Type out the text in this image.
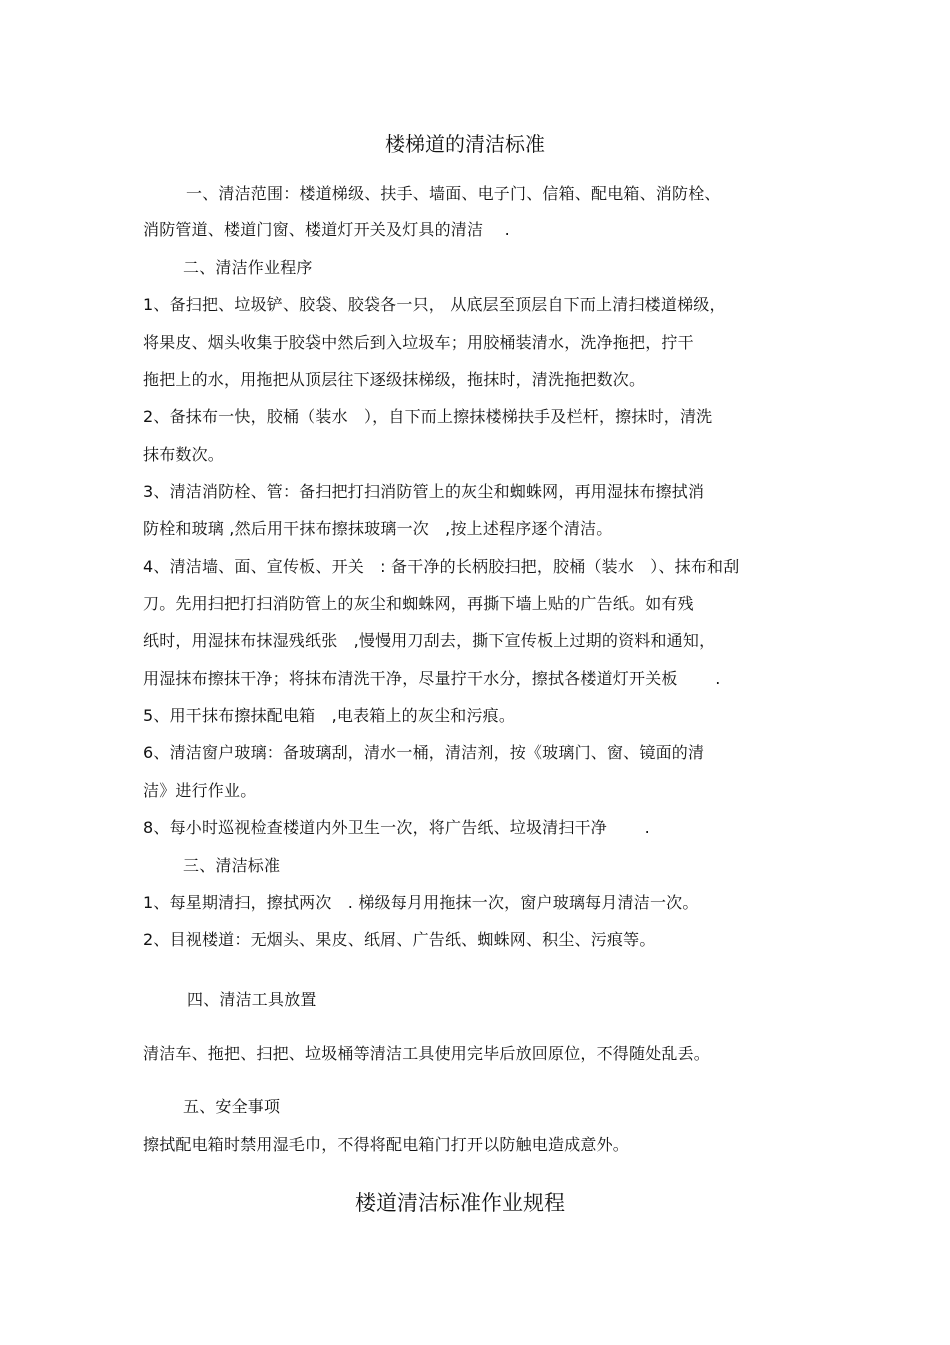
楼梯道的清洁标准
一、清洁范围：楼道梯级、扶手、墙面、电子门、信箱、配电箱、消防栓、
消防管道、楼道门窗、楼道灯开关及灯具的清洁　 .
二、清洁作业程序
1、备扫把、垃圾铲、胶袋、胶袋各一只， 从底层至顶层自下而上清扫楼道梯级，
将果皮、烟头收集于胶袋中然后到入垃圾车；用胶桶装清水，洗净拖把，拧干
拖把上的水，用拖把从顶层往下逐级抹梯级，拖抹时，清洗拖把数次。
2、备抹布一快，胶桶（装水　），自下而上擦抹楼梯扶手及栏杆，擦抹时，清洗
抹布数次。
3、清洁消防栓、管：备扫把打扫消防管上的灰尘和蜘蛛网，再用湿抹布擦拭消
防栓和玻璃 ,然后用干抹布擦抹玻璃一次　,按上述程序逐个清洁。
4、清洁墙、面、宣传板、开关　: 备干净的长柄胶扫把，胶桶（装水　）、抹布和刮
刀。先用扫把打扫消防管上的灰尘和蜘蛛网，再撕下墙上贴的广告纸。如有残
纸时，用湿抹布抹湿残纸张　,慢慢用刀刮去，撕下宣传板上过期的资料和通知，
用湿抹布擦抹干净；将抹布清洗干净，尽量拧干水分，擦拭各楼道灯开关板　　 .
5、用干抹布擦抹配电箱　,电表箱上的灰尘和污痕。
6、清洁窗户玻璃：备玻璃刮，清水一桶，清洁剂，按《玻璃门、窗、镜面的清
洁》进行作业。
8、每小时巡视检查楼道内外卫生一次，将广告纸、垃圾清扫干净　　 .
三、清洁标准
1、每星期清扫，擦拭两次　. 梯级每月用拖抹一次，窗户玻璃每月清洁一次。
2、目视楼道：无烟头、果皮、纸屑、广告纸、蜘蛛网、积尘、污痕等。
四、清洁工具放置
清洁车、拖把、扫把、垃圾桶等清洁工具使用完毕后放回原位，不得随处乱丢。
五、安全事项
擦拭配电箱时禁用湿毛巾，不得将配电箱门打开以防触电造成意外。
楼道清洁标准作业规程
